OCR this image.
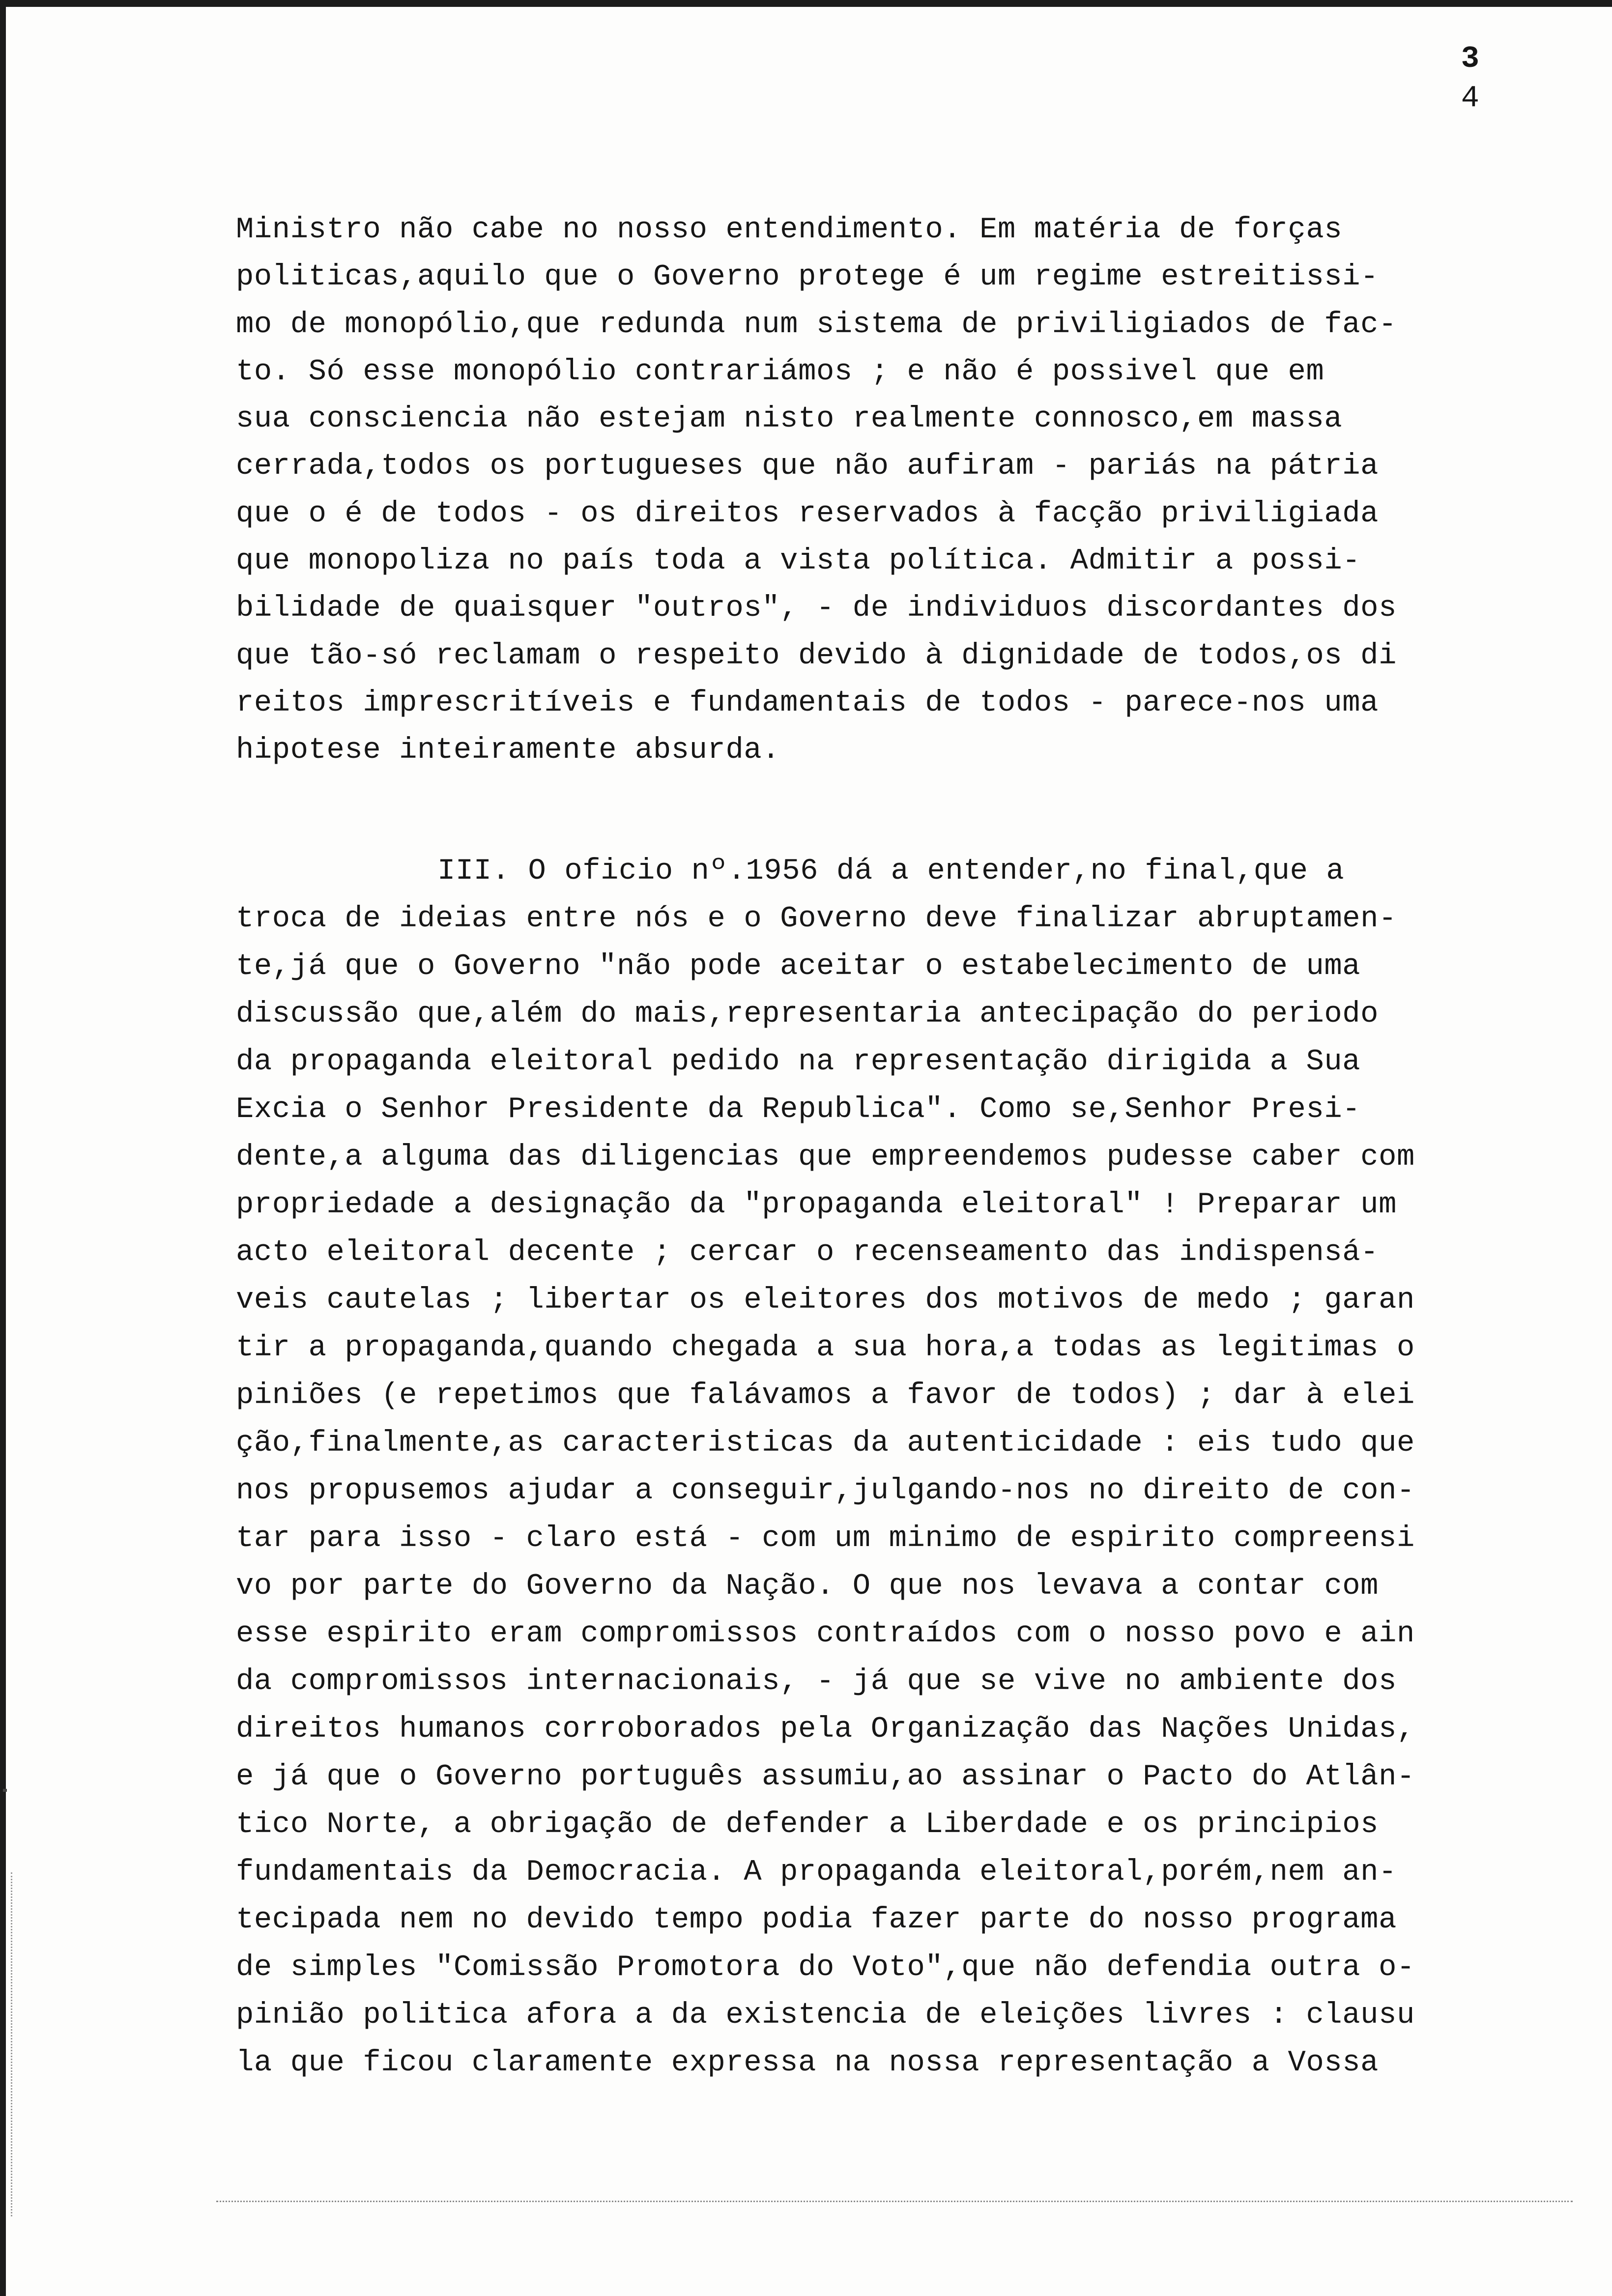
3
4
Ministro não cabe no nosso entendimento. Em matéria de forças
politicas,aquilo que o Governo protege é um regime estreitissi-
mo de monopólio,que redunda num sistema de priviligiados de fac-
to. Só esse monopólio contrariámos ; e não é possivel que em
sua consciencia não estejam nisto realmente connosco,em massa
cerrada,todos os portugueses que não aufiram - pariás na pátria
que o é de todos - os direitos reservados à facção priviligiada
que monopoliza no país toda a vista política. Admitir a possi-
bilidade de quaisquer "outros", - de individuos discordantes dos
que tão-só reclamam o respeito devido à dignidade de todos,os di
reitos imprescritíveis e fundamentais de todos - parece-nos uma
hipotese inteiramente absurda.
III. O oficio nº.1956 dá a entender,no final,que a
troca de ideias entre nós e o Governo deve finalizar abruptamen-
te,já que o Governo "não pode aceitar o estabelecimento de uma
discussão que,além do mais,representaria antecipação do periodo
da propaganda eleitoral pedido na representação dirigida a Sua
Excia o Senhor Presidente da Republica". Como se,Senhor Presi-
dente,a alguma das diligencias que empreendemos pudesse caber com
propriedade a designação da "propaganda eleitoral" ! Preparar um
acto eleitoral decente ; cercar o recenseamento das indispensá-
veis cautelas ; libertar os eleitores dos motivos de medo ; garan
tir a propaganda,quando chegada a sua hora,a todas as legitimas o
piniões (e repetimos que falávamos a favor de todos) ; dar à elei
ção,finalmente,as caracteristicas da autenticidade : eis tudo que
nos propusemos ajudar a conseguir,julgando-nos no direito de con-
tar para isso - claro está - com um minimo de espirito compreensi
vo por parte do Governo da Nação. O que nos levava a contar com
esse espirito eram compromissos contraídos com o nosso povo e ain
da compromissos internacionais, - já que se vive no ambiente dos
direitos humanos corroborados pela Organização das Nações Unidas,
e já que o Governo português assumiu,ao assinar o Pacto do Atlân-
tico Norte, a obrigação de defender a Liberdade e os principios
fundamentais da Democracia. A propaganda eleitoral,porém,nem an-
tecipada nem no devido tempo podia fazer parte do nosso programa
de simples "Comissão Promotora do Voto",que não defendia outra o-
pinião politica afora a da existencia de eleições livres : clausu
la que ficou claramente expressa na nossa representação a Vossa
